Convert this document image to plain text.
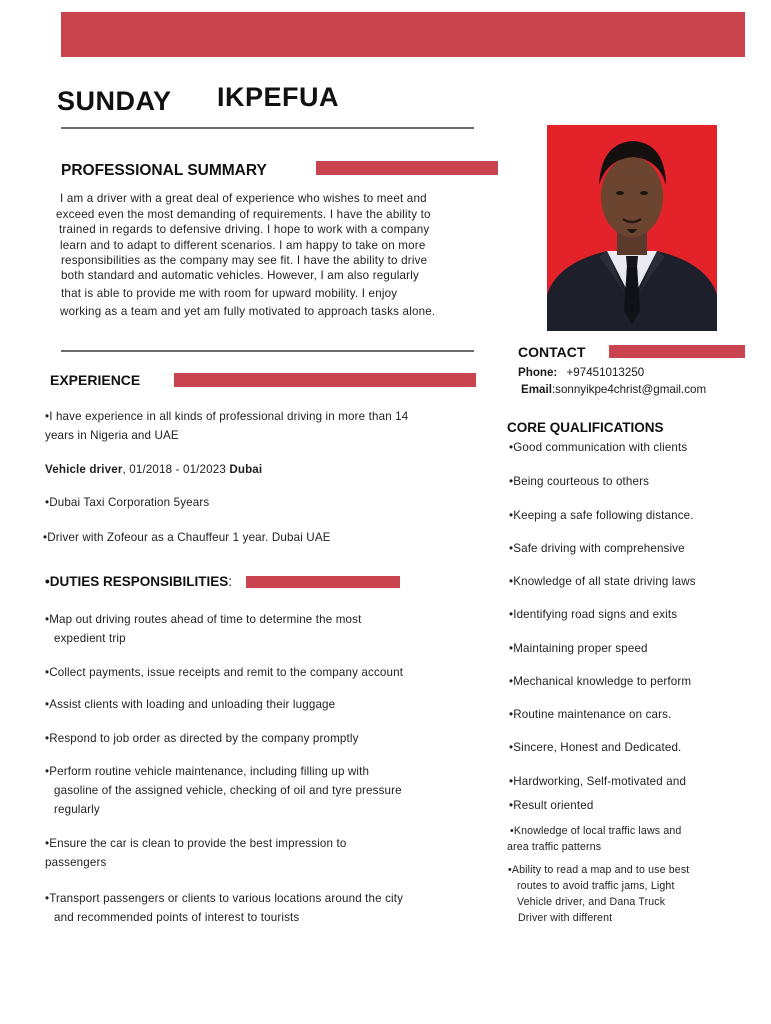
SUNDAY IKPEFUA
PROFESSIONAL SUMMARY
I am a driver with a great deal of experience who wishes to meet and
exceed even the most demanding of requirements. I have the ability to
trained in regards to defensive driving. I hope to work with a company
learn and to adapt to different scenarios. I am happy to take on more
responsibilities as the company may see fit. I have the ability to drive
both standard and automatic vehicles. However, I am also regularly
that is able to provide me with room for upward mobility. I enjoy
working as a team and yet am fully motivated to approach tasks alone.
EXPERIENCE
•I have experience in all kinds of professional driving in more than 14
years in Nigeria and UAE
Vehicle driver, 01/2018 - 01/2023 Dubai
•Dubai Taxi Corporation 5years
•Driver with Zofeour as a Chauffeur 1 year. Dubai UAE
•DUTIES RESPONSIBILITIES:
•Map out driving routes ahead of time to determine the most
expedient trip
•Collect payments, issue receipts and remit to the company account
•Assist clients with loading and unloading their luggage
•Respond to job order as directed by the company promptly
•Perform routine vehicle maintenance, including filling up with
gasoline of the assigned vehicle, checking of oil and tyre pressure
regularly
•Ensure the car is clean to provide the best impression to
passengers
•Transport passengers or clients to various locations around the city
and recommended points of interest to tourists
CONTACT
Phone: +97451013250
Email:sonnyikpe4christ@gmail.com
CORE QUALIFICATIONS
•Good communication with clients
•Being courteous to others
•Keeping a safe following distance.
•Safe driving with comprehensive
•Knowledge of all state driving laws
•Identifying road signs and exits
•Maintaining proper speed
•Mechanical knowledge to perform
•Routine maintenance on cars.
•Sincere, Honest and Dedicated.
•Hardworking, Self-motivated and
•Result oriented
•Knowledge of local traffic laws and
area traffic patterns
•Ability to read a map and to use best
routes to avoid traffic jams, Light
Vehicle driver, and Dana Truck
Driver with different
